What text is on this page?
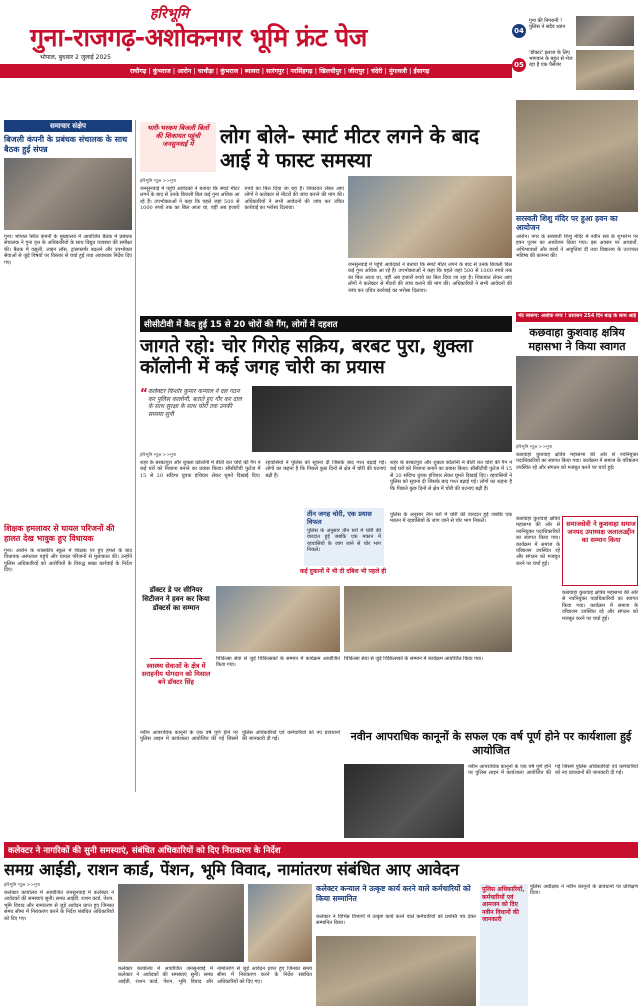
हरिभूमि
गुना-राजगढ़-अशोकनगर भूमि फ्रंट पेज
भोपाल, बुधवार 2 जुलाई 2025
04
गुना की निगरानी ! पुलिस ने सदैव ध्यान
05
'डॉक्टर' इलाज के लिए भागवान के बहुत से भेज रहा है एक पैसेंजर
राघौगढ़ | कुंभराज | आरोन | चाचौड़ा | कुंभराज | ब्यावरा | सारंगपुर | नरसिंहगढ़ | खिलचीपुर | जीरापुर | चंदेरी | मुंगावली | ईसागढ़
समाचार संक्षेप
बिजली कंपनी के प्रबंधक संचालक के साथ बैठक हुई संपन्न
गुना। भोपाल स्थित कंपनी के मुख्यालय में आयोजित बैठक में प्रबंधक संचालक ने गुना वृत्त के अधिकारियों के साथ विद्युत व्यवस्था की समीक्षा की। बैठक में वसूली, लाइन लॉस, ट्रांसफार्मर बदलने और उपभोक्ता सेवाओं से जुड़े विषयों पर विस्तार से चर्चा हुई तथा आवश्यक निर्देश दिए गए।
शिक्षक हमलावर से घायल परिजनों की हालत देख भावुक हुए विधायक
गुना। आरोन के शासकीय स्कूल में शिक्षक पर हुए हमले के बाद विधायक अस्पताल पहुंचे और घायल परिजनों से मुलाकात की। उन्होंने पुलिस अधिकारियों को आरोपियों के विरुद्ध सख्त कार्रवाई के निर्देश दिए।
भारी-भरकम बिजली बिलों की शिकायत पहुंची जनसुनवाई में	लोग बोले- स्मार्ट मीटर लगने के बाद आई ये फास्ट समस्या
हरिभूमि न्यूज़ >>गुना
जनसुनवाई में पहुंचे आवेदकों ने बताया कि स्मार्ट मीटर लगने के बाद से उनके बिजली बिल कई गुना अधिक आ रहे हैं। उपभोक्ताओं ने कहा कि पहले जहां 500 से 1000 रुपये तक का बिल आता था, वहीं अब हजारों रुपये का बिल दिया जा रहा है। शिकायत लेकर आए लोगों ने कलेक्टर से मीटरों की जांच कराने की मांग की। अधिकारियों ने सभी आवेदनों की जांच कर उचित कार्रवाई का भरोसा दिलाया।
जनसुनवाई में पहुंचे आवेदकों ने बताया कि स्मार्ट मीटर लगने के बाद से उनके बिजली बिल कई गुना अधिक आ रहे हैं। उपभोक्ताओं ने कहा कि पहले जहां 500 से 1000 रुपये तक का बिल आता था, वहीं अब हजारों रुपये का बिल दिया जा रहा है। शिकायत लेकर आए लोगों ने कलेक्टर से मीटरों की जांच कराने की मांग की। अधिकारियों ने सभी आवेदनों की जांच कर उचित कार्रवाई का भरोसा दिलाया।
सरस्वती शिशु मंदिर पर हुआ हवन का आयोजन
आरोन। नगर के सरस्वती शिशु मंदिर में नवीन सत्र के शुभारंभ पर हवन पूजन का आयोजन किया गया। इस अवसर पर आचार्यों, अभिभावकों और छात्रों ने आहुतियां दीं तथा विद्यालय के उज्ज्वल भविष्य की कामना की।
भेंट स्वरूप: अशोक नगर ! प्रशासन 254 दिन बाढ़ के साथ आई
सीसीटीवी में कैद हुई 15 से 20 चोरों की गैंग, लोगों में दहशत
जागते रहो: चोर गिरोह सक्रिय, बरबट पुरा, शुक्ला कॉलोनी में कई जगह चोरी का प्रयास
“ कलेक्टर किशोर कुमार कन्याल ने दल गठन कर पुलिस कालोनी, बताते हुए गौर कर दाल के साथ सुरक्षा के साथ चोरों तक उनकी समस्या सुनी
हरिभूमि न्यूज़ >>गुना
शहर के बरबटपुरा और शुक्ला कॉलोनी में बीती रात चोरों की गैंग ने कई घरों को निशाना बनाने का प्रयास किया। सीसीटीवी फुटेज में 15 से 20 संदिग्ध युवक हथियार लेकर घूमते दिखाई दिए। रहवासियों ने पुलिस को सूचना दी जिसके बाद गश्त बढ़ाई गई। लोगों का कहना है कि पिछले कुछ दिनों से क्षेत्र में चोरी की घटनाएं बढ़ी हैं।
शहर के बरबटपुरा और शुक्ला कॉलोनी में बीती रात चोरों की गैंग ने कई घरों को निशाना बनाने का प्रयास किया। सीसीटीवी फुटेज में 15 से 20 संदिग्ध युवक हथियार लेकर घूमते दिखाई दिए। रहवासियों ने पुलिस को सूचना दी जिसके बाद गश्त बढ़ाई गई। लोगों का कहना है कि पिछले कुछ दिनों से क्षेत्र में चोरी की घटनाएं बढ़ी हैं।
कई दुकानों में भी दी दबिश भी पहले ही
तीन जगह चोरी, एक प्रयास विफल
पुलिस के अनुसार तीन घरों में चोरी की वारदात हुई जबकि एक मकान में रहवासियों के जाग जाने से चोर भाग निकले।
पुलिस के अनुसार तीन घरों में चोरी की वारदात हुई जबकि एक मकान में रहवासियों के जाग जाने से चोर भाग निकले।
डॉक्टर डे पर सीनियर सिटीजन ने हवन कर किया डॉक्टर्स का सम्मान
स्वास्थ्य सेवाओं के क्षेत्र में सराहनीय योगदान को मिसाल बने डॉक्टर सिंह
चिकित्सा सेवा से जुड़े चिकित्सकों के सम्मान में कार्यक्रम आयोजित किया गया।
चिकित्सा सेवा से जुड़े चिकित्सकों के सम्मान में कार्यक्रम आयोजित किया गया।
कछवाहा कुशवाह क्षत्रिय महासभा ने किया स्वागत
हरिभूमि न्यूज़ >>गुना
कछवाहा कुशवाह क्षत्रिय महासभा की ओर से नवनियुक्त पदाधिकारियों का स्वागत किया गया। कार्यक्रम में समाज के वरिष्ठजन उपस्थित रहे और संगठन को मजबूत करने पर चर्चा हुई।
समाजसेवी ने कुशवाहा समाज जनपद उपाध्यक्ष जलालउद्दीन का सम्मान किया
कछवाहा कुशवाह क्षत्रिय महासभा की ओर से नवनियुक्त पदाधिकारियों का स्वागत किया गया। कार्यक्रम में समाज के वरिष्ठजन उपस्थित रहे और संगठन को मजबूत करने पर चर्चा हुई।
कछवाहा कुशवाह क्षत्रिय महासभा की ओर से नवनियुक्त पदाधिकारियों का स्वागत किया गया। कार्यक्रम में समाज के वरिष्ठजन उपस्थित रहे और संगठन को मजबूत करने पर चर्चा हुई।
नवीन आपराधिक कानूनों के सफल एक वर्ष पूर्ण होने पर कार्यशाला हुई आयोजित
नवीन आपराधिक कानूनों के एक वर्ष पूर्ण होने पर पुलिस लाइन में कार्यशाला आयोजित की गई जिसमें पुलिस अधिकारियों एवं कर्मचारियों को नए प्रावधानों की जानकारी दी गई।
नवीन आपराधिक कानूनों के एक वर्ष पूर्ण होने पर पुलिस लाइन में कार्यशाला आयोजित की गई जिसमें पुलिस अधिकारियों एवं कर्मचारियों को नए प्रावधानों की जानकारी दी गई।
कलेक्टर ने नागरिकों की सुनी समस्याएं, संबंधित अधिकारियों को दिए निराकरण के निर्देश
समग्र आईडी, राशन कार्ड, पेंशन, भूमि विवाद, नामांतरण संबंधित आए आवेदन
हरिभूमि न्यूज़ >>गुना
कलेक्टर कार्यालय में आयोजित जनसुनवाई में कलेक्टर ने आवेदकों की समस्याएं सुनीं। समग्र आईडी, राशन कार्ड, पेंशन, भूमि विवाद और नामांतरण से जुड़े आवेदन प्राप्त हुए जिनका समय सीमा में निराकरण करने के निर्देश संबंधित अधिकारियों को दिए गए।
कलेक्टर कार्यालय में आयोजित जनसुनवाई में कलेक्टर ने आवेदकों की समस्याएं सुनीं। समग्र आईडी, राशन कार्ड, पेंशन, भूमि विवाद और नामांतरण से जुड़े आवेदन प्राप्त हुए जिनका समय सीमा में निराकरण करने के निर्देश संबंधित अधिकारियों को दिए गए।
कलेक्टर कन्याल ने उत्कृष्ट कार्य करने वाले कर्मचारियों को किया सम्मानित
कलेक्टर ने विभिन्न विभागों में उत्कृष्ट कार्य करने वाले कर्मचारियों को प्रशस्ति पत्र देकर सम्मानित किया।
पुलिस अधिकारियों, कर्मचारियों एवं आमजन को दिए नवीन विधानों की जानकारी
पुलिस अधीक्षक ने नवीन कानूनों के प्रावधानों पर प्रशिक्षण दिया।
